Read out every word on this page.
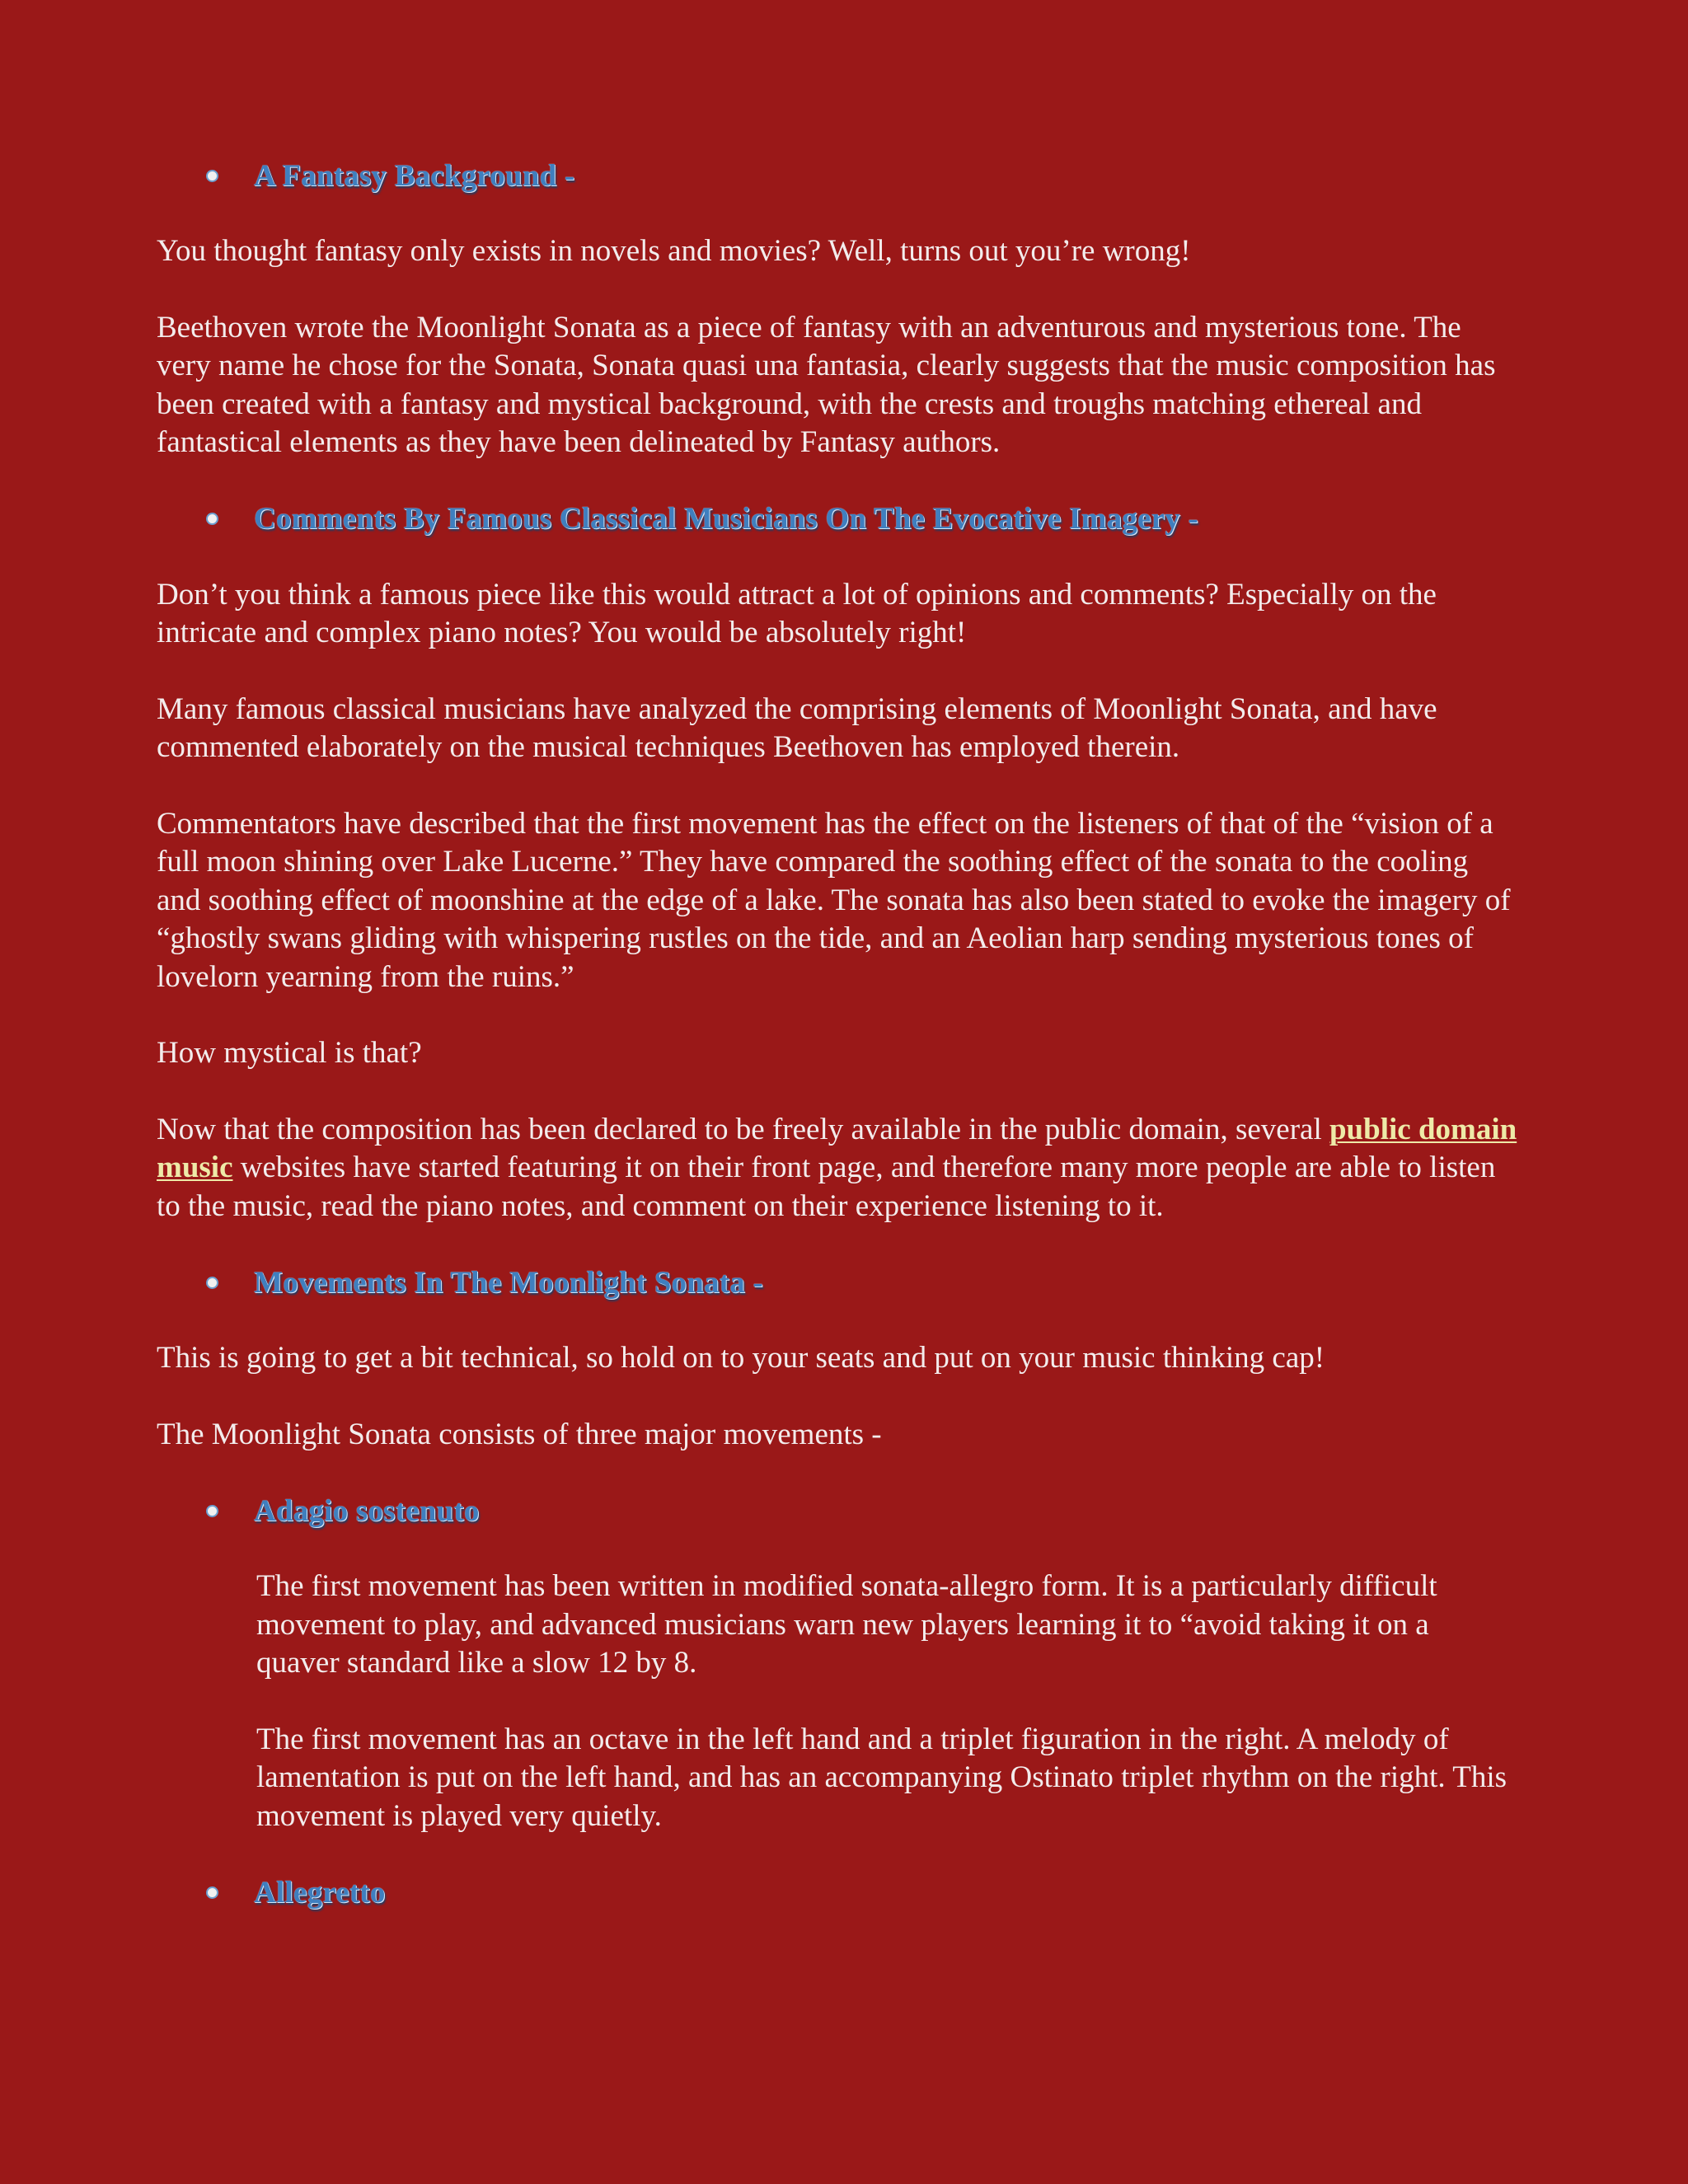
A Fantasy Background -

You thought fantasy only exists in novels and movies? Well, turns out you’re wrong!

Beethoven wrote the Moonlight Sonata as a piece of fantasy with an adventurous and mysterious tone. The very name he chose for the Sonata, Sonata quasi una fantasia, clearly suggests that the music composition has been created with a fantasy and mystical background, with the crests and troughs matching ethereal and fantastical elements as they have been delineated by Fantasy authors.

Comments By Famous Classical Musicians On The Evocative Imagery -

Don’t you think a famous piece like this would attract a lot of opinions and comments? Especially on the intricate and complex piano notes? You would be absolutely right!

Many famous classical musicians have analyzed the comprising elements of Moonlight Sonata, and have commented elaborately on the musical techniques Beethoven has employed therein.

Commentators have described that the first movement has the effect on the listeners of that of the “vision of a full moon shining over Lake Lucerne.” They have compared the soothing effect of the sonata to the cooling and soothing effect of moonshine at the edge of a lake. The sonata has also been stated to evoke the imagery of “ghostly swans gliding with whispering rustles on the tide, and an Aeolian harp sending mysterious tones of lovelorn yearning from the ruins.”

How mystical is that?

Now that the composition has been declared to be freely available in the public domain, several public domain music websites have started featuring it on their front page, and therefore many more people are able to listen to the music, read the piano notes, and comment on their experience listening to it.

Movements In The Moonlight Sonata -

This is going to get a bit technical, so hold on to your seats and put on your music thinking cap!

The Moonlight Sonata consists of three major movements -

Adagio sostenuto

The first movement has been written in modified sonata-allegro form. It is a particularly difficult movement to play, and advanced musicians warn new players learning it to “avoid taking it on a quaver standard like a slow 12 by 8.

The first movement has an octave in the left hand and a triplet figuration in the right. A melody of lamentation is put on the left hand, and has an accompanying Ostinato triplet rhythm on the right. This movement is played very quietly.

Allegretto
